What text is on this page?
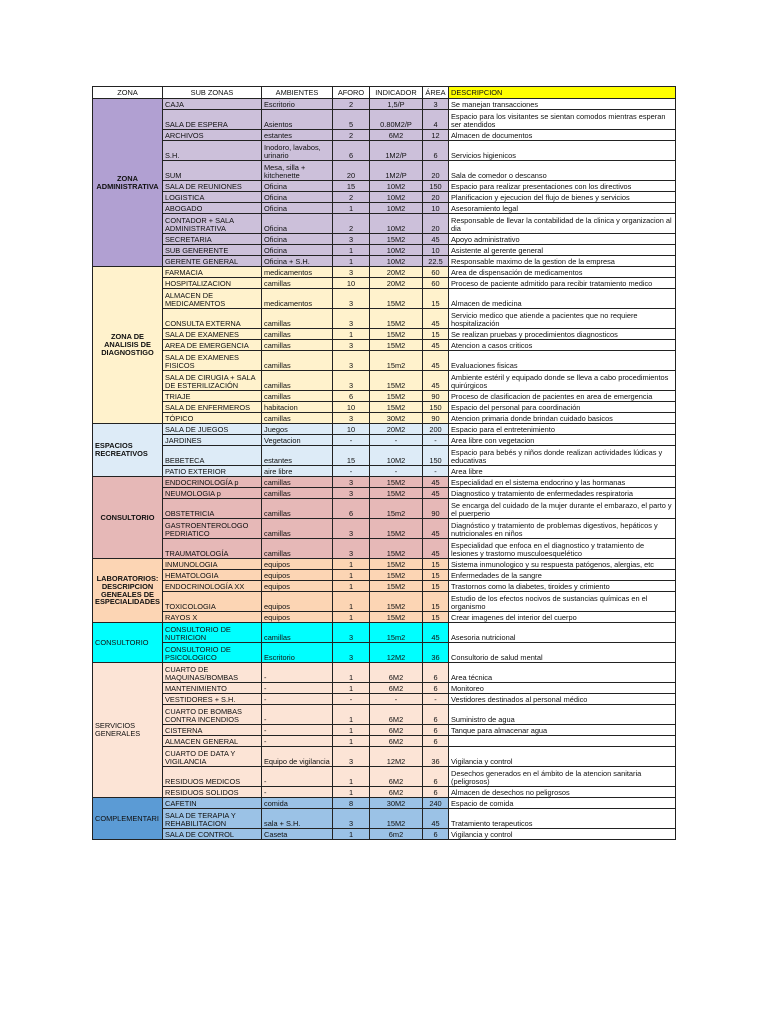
ZONA	SUB ZONAS	AMBIENTES	AFORO	INDICADOR	ÁREA	DESCRIPCION
ZONA ADMINISTRATIVA	CAJA	Escritorio	2	1,5/P	3	Se manejan transacciones
	SALA DE ESPERA	Asientos	5	0.80M2/P	4	Espacio para los visitantes se sientan comodos mientras esperan ser atendidos
	ARCHIVOS	estantes	2	6M2	12	Almacen de documentos
	S.H.	Inodoro, lavabos, urinario	6	1M2/P	6	Servicios higienicos
	SUM	Mesa, silla + kitchenette	20	1M2/P	20	Sala de comedor o descanso
	SALA DE REUNIONES	Oficina	15	10M2	150	Espacio para realizar presentaciones con los directivos
	LOGISTICA	Oficina	2	10M2	20	Planificacion y ejecucion del flujo de bienes y servicios
	ABOGADO	Oficina	1	10M2	10	Asesoramiento legal
	CONTADOR + SALA ADMINISTRATIVA	Oficina	2	10M2	20	Responsable de llevar la contabilidad de la clinica y organizacion al dia
	SECRETARIA	Oficina	3	15M2	45	Apoyo administrativo
	SUB GENERENTE	Oficina	1	10M2	10	Asistente al gerente general
	GERENTE GENERAL	Oficina + S.H.	1	10M2	22.5	Responsable maximo de la gestion de la empresa
ZONA DE ANALISIS DE DIAGNOSTIGO	FARMACIA	medicamentos	3	20M2	60	Area de dispensación de medicamentos
	HOSPITALIZACION	camillas	10	20M2	60	Proceso de paciente admitido para recibir tratamiento medico
	ALMACEN DE MEDICAMENTOS	medicamentos	3	15M2	15	Almacen de medicina
	CONSULTA EXTERNA	camillas	3	15M2	45	Servicio medico que atiende a pacientes que no requiere hospitalización
	SALA DE EXAMENES	camillas	1	15M2	15	Se realizan pruebas y procedimientos diagnosticos
	AREA DE EMERGENCIA	camillas	3	15M2	45	Atencion a casos criticos
	SALA DE EXAMENES FISICOS	camillas	3	15m2	45	Evaluaciones fisicas
	SALA DE CIRUGIA + SALA DE ESTERILIZACIÓN	camillas	3	15M2	45	Ambiente estéril y equipado donde se lleva a cabo procedimientos quirúrgicos
	TRIAJE	camillas	6	15M2	90	Proceso de clasificacion de pacientes en area de emergencia
	SALA DE ENFERMEROS	habitacion	10	15M2	150	Espacio del personal para coordinación
	TÓPICO	camillas	3	30M2	90	Atencion primaria donde brindan cuidado basicos
ESPACIOS RECREATIVOS	SALA DE JUEGOS	Juegos	10	20M2	200	Espacio para el entretenimiento
	JARDINES	Vegetacion	-	-	-	Area libre con vegetacion
	BEBETECA	estantes	15	10M2	150	Espacio para bebés y niños donde realizan actividades lúdicas y educativas
	PATIO EXTERIOR	aire libre	-	-	-	Area libre
CONSULTORIO	ENDOCRINOLOGÍA p	camillas	3	15M2	45	Especialidad en el sistema endocrino y las hormanas
	NEUMOLOGIA p	camillas	3	15M2	45	Diagnostico y tratamiento de enfermedades respiratoria
	OBSTETRICIA	camillas	6	15m2	90	Se encarga del cuidado de la mujer durante el embarazo, el parto y el puerperio
	GASTROENTEROLOGO PEDRIATICO	camillas	3	15M2	45	Diagnóstico y tratamiento de problemas digestivos, hepáticos y nutricionales en niños
	TRAUMATOLOGÍA	camillas	3	15M2	45	Especialidad que enfoca en el diagnostico y tratamiento de lesiones y trastorno musculoesquelético
LABORATORIOS: DESCRIPCION GENEALES DE ESPECIALIDADES	INMUNOLOGIA	equipos	1	15M2	15	Sistema inmunologico y su respuesta patógenos, alergias, etc
	HEMATOLOGIA	equipos	1	15M2	15	Enfermedades de la sangre
	ENDOCRINOLOGÍA XX	equipos	1	15M2	15	Trastornos como la diabetes, tiroides y crimiento
	TOXICOLOGIA	equipos	1	15M2	15	Estudio de los efectos nocivos de sustancias químicas en el organismo
	RAYOS X	equipos	1	15M2	15	Crear imagenes del interior del cuerpo
CONSULTORIO	CONSULTORIO DE NUTRICION	camillas	3	15m2	45	Asesoria nutricional
	CONSULTORIO DE PSICOLOGICO	Escritorio	3	12M2	36	Consultorio de salud mental
SERVICIOS GENERALES	CUARTO DE MAQUINAS/BOMBAS	-	1	6M2	6	Area técnica
	MANTENIMIENTO	-	1	6M2	6	Monitoreo
	VESTIDORES + S.H.	-	-	-	-	Vestidores destinados al personal médico
	CUARTO DE BOMBAS CONTRA INCENDIOS	-	1	6M2	6	Suministro de agua
	CISTERNA	-	1	6M2	6	Tanque para almacenar agua
	ALMACEN GENERAL	-	1	6M2	6	
	CUARTO DE DATA Y VIGILANCIA	Equipo de vigilancia	3	12M2	36	Vigilancia y control
	RESIDUOS MEDICOS	-	1	6M2	6	Desechos generados en el ámbito de la atencion sanitaria (peligrosos)
	RESIDUOS SOLIDOS	-	1	6M2	6	Almacen de desechos no peligrosos
COMPLEMENTARI	CAFETIN	comida	8	30M2	240	Espacio de comida
	SALA DE TERAPIA Y REHABILITACION	sala + S.H.	3	15M2	45	Tratamiento terapeuticos
	SALA DE CONTROL	Caseta	1	6m2	6	Vigilancia y control
